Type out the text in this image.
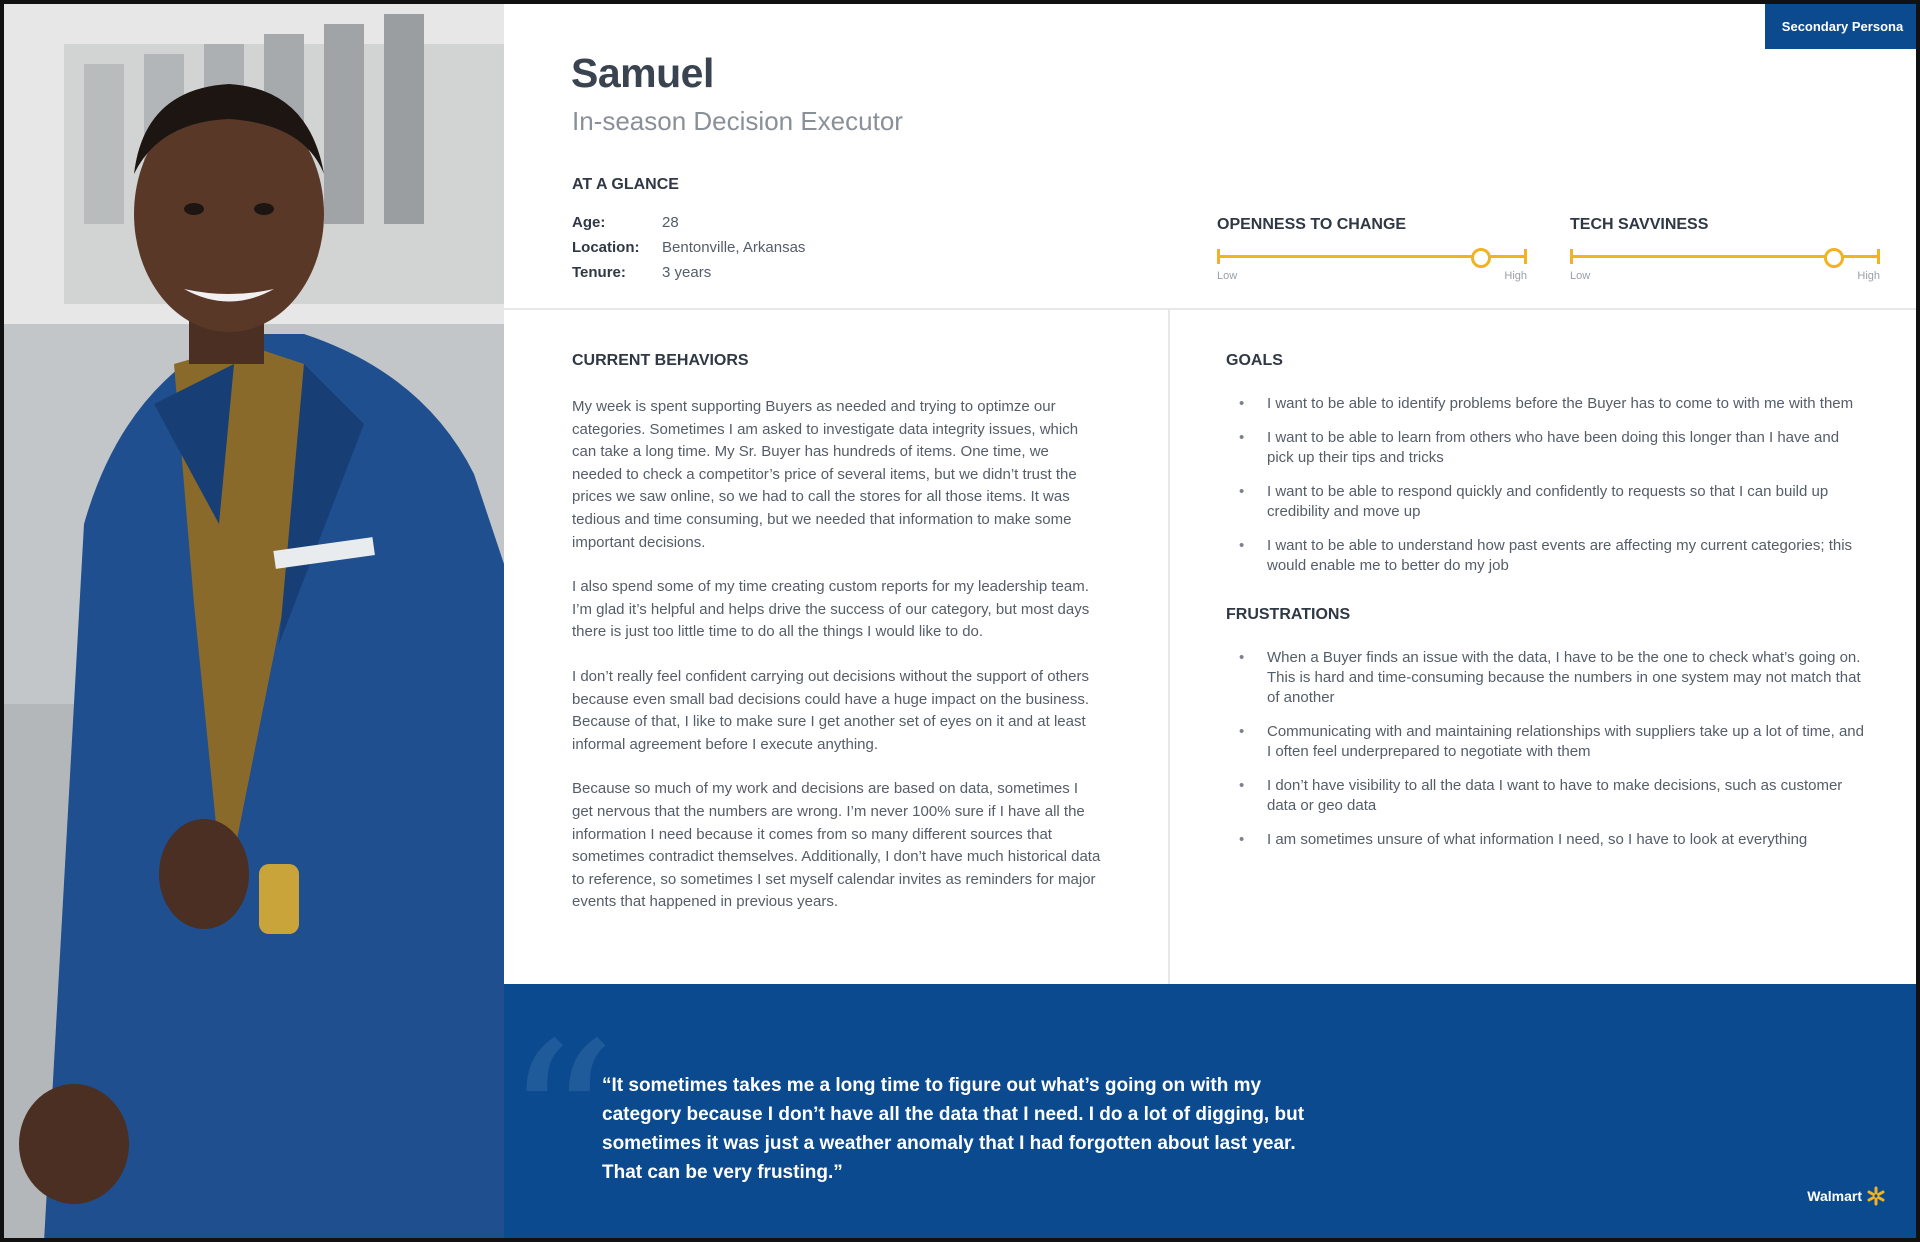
Secondary Persona
Samuel
In-season Decision Executor
AT A GLANCE
Age:	28
Location:	Bentonville, Arkansas
Tenure:	3 years
OPENNESS TO CHANGE
Low	High
TECH SAVVINESS
Low	High
CURRENT BEHAVIORS

My week is spent supporting Buyers as needed and trying to optimze our categories. Sometimes I am asked to investigate data integrity issues, which can take a long time. My Sr. Buyer has hundreds of items. One time, we needed to check a competitor’s price of several items, but we didn’t trust the prices we saw online, so we had to call the stores for all those items. It was tedious and time consuming, but we needed that information to make some important decisions.

I also spend some of my time creating custom reports for my leadership team. I’m glad it’s helpful and helps drive the success of our category, but most days there is just too little time to do all the things I would like to do.

I don’t really feel confident carrying out decisions without the support of others because even small bad decisions could have a huge impact on the business. Because of that, I like to make sure I get another set of eyes on it and at least informal agreement before I execute anything.

Because so much of my work and decisions are based on data, sometimes I get nervous that the numbers are wrong. I’m never 100% sure if I have all the information I need because it comes from so many different sources that sometimes contradict themselves. Additionally, I don’t have much historical data to reference, so sometimes I set myself calendar invites as reminders for major events that happened in previous years.

GOALS
• I want to be able to identify problems before the Buyer has to come to with me with them
• I want to be able to learn from others who have been doing this longer than I have and pick up their tips and tricks
• I want to be able to respond quickly and confidently to requests so that I can build up credibility and move up
• I want to be able to understand how past events are affecting my current categories; this would enable me to better do my job
FRUSTRATIONS
• When a Buyer finds an issue with the data, I have to be the one to check what’s going on. This is hard and time-consuming because the numbers in one system may not match that of another
• Communicating with and maintaining relationships with suppliers take up a lot of time, and I often feel underprepared to negotiate with them
• I don’t have visibility to all the data I want to have to make decisions, such as customer data or geo data
• I am sometimes unsure of what information I need, so I have to look at everything
“
“It sometimes takes me a long time to figure out what’s going on with my category because I don’t have all the data that I need. I do a lot of digging, but sometimes it was just a weather anomaly that I had forgotten about last year. That can be very frusting.”
Walmart
